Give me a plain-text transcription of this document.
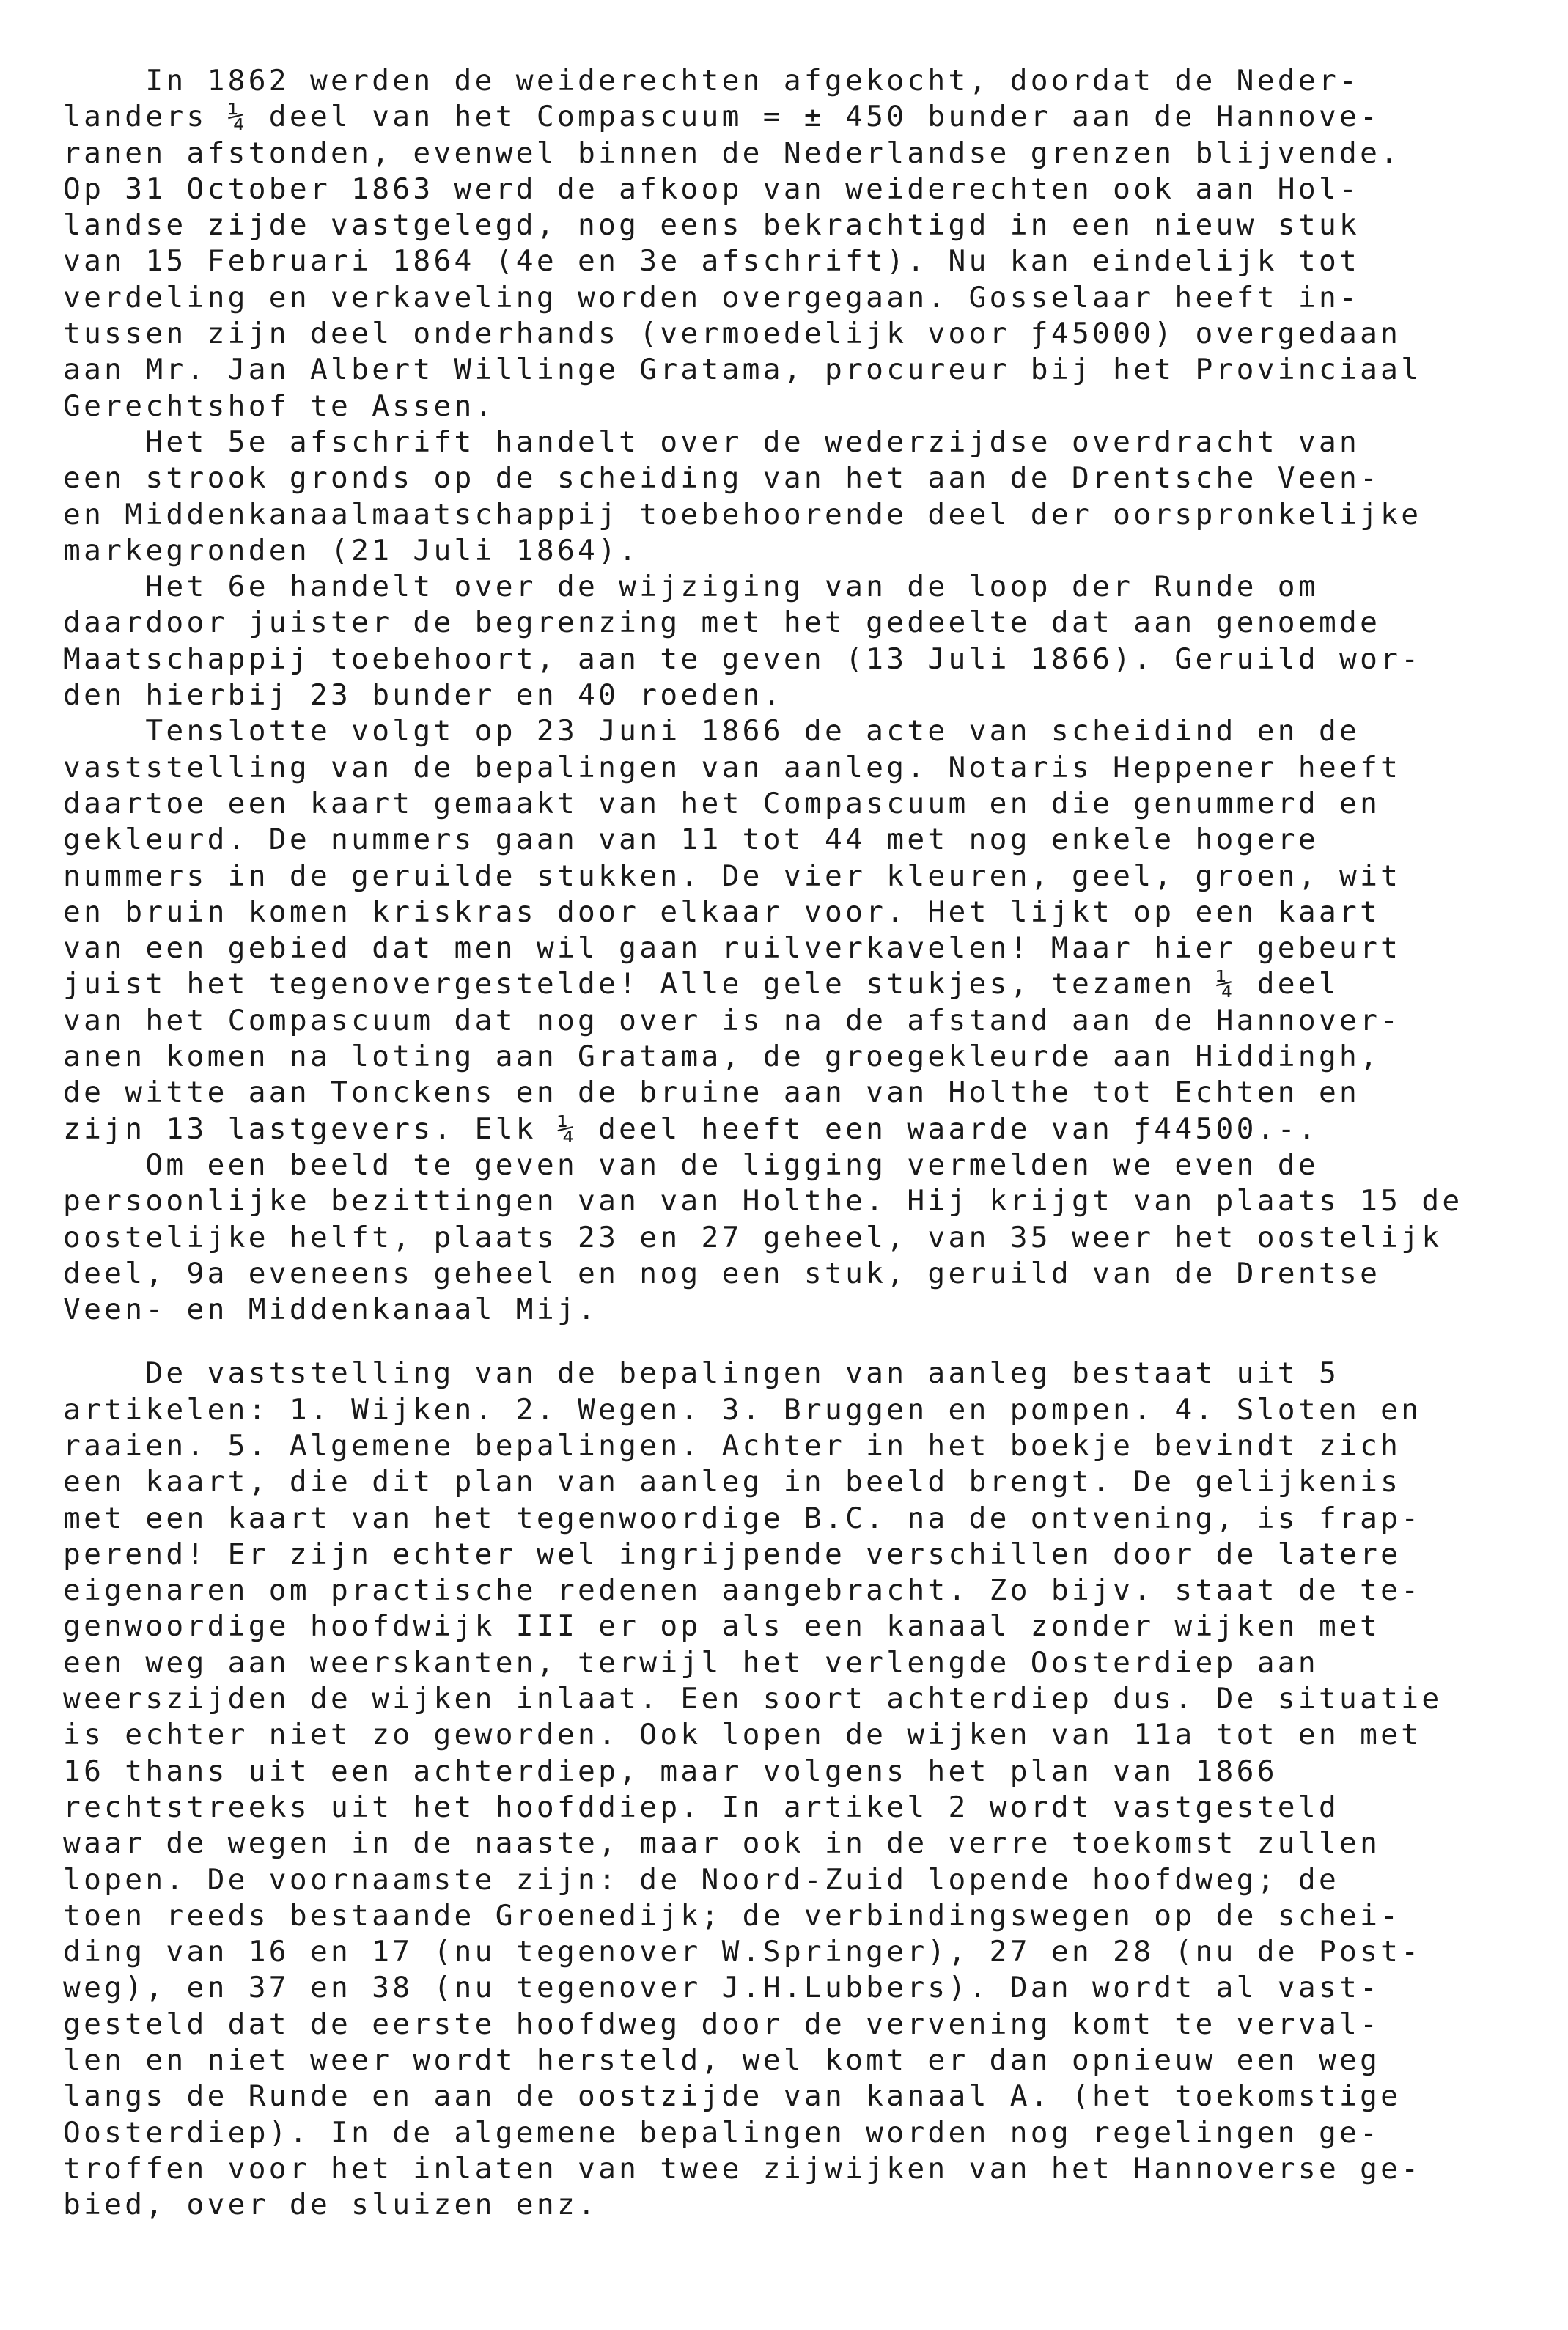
In 1862 werden de weiderechten afgekocht, doordat de Neder-
landers ¼ deel van het Compascuum = ± 450 bunder aan de Hannove-
ranen afstonden, evenwel binnen de Nederlandse grenzen blijvende.
Op 31 October 1863 werd de afkoop van weiderechten ook aan Hol-
landse zijde vastgelegd, nog eens bekrachtigd in een nieuw stuk
van 15 Februari 1864 (4e en 3e afschrift). Nu kan eindelijk tot
verdeling en verkaveling worden overgegaan. Gosselaar heeft in-
tussen zijn deel onderhands (vermoedelijk voor ƒ45000) overgedaan
aan Mr. Jan Albert Willinge Gratama, procureur bij het Provinciaal
Gerechtshof te Assen.
Het 5e afschrift handelt over de wederzijdse overdracht van
een strook gronds op de scheiding van het aan de Drentsche Veen-
en Middenkanaalmaatschappij toebehoorende deel der oorspronkelijke
markegronden (21 Juli 1864).
Het 6e handelt over de wijziging van de loop der Runde om
daardoor juister de begrenzing met het gedeelte dat aan genoemde
Maatschappij toebehoort, aan te geven (13 Juli 1866). Geruild wor-
den hierbij 23 bunder en 40 roeden.
Tenslotte volgt op 23 Juni 1866 de acte van scheidind en de
vaststelling van de bepalingen van aanleg. Notaris Heppener heeft
daartoe een kaart gemaakt van het Compascuum en die genummerd en
gekleurd. De nummers gaan van 11 tot 44 met nog enkele hogere
nummers in de geruilde stukken. De vier kleuren, geel, groen, wit
en bruin komen kriskras door elkaar voor. Het lijkt op een kaart
van een gebied dat men wil gaan ruilverkavelen! Maar hier gebeurt
juist het tegenovergestelde! Alle gele stukjes, tezamen ¼ deel
van het Compascuum dat nog over is na de afstand aan de Hannover-
anen komen na loting aan Gratama, de groegekleurde aan Hiddingh,
de witte aan Tonckens en de bruine aan van Holthe tot Echten en
zijn 13 lastgevers. Elk ¼ deel heeft een waarde van ƒ44500.-.
Om een beeld te geven van de ligging vermelden we even de
persoonlijke bezittingen van van Holthe. Hij krijgt van plaats 15 de
oostelijke helft, plaats 23 en 27 geheel, van 35 weer het oostelijk
deel, 9a eveneens geheel en nog een stuk, geruild van de Drentse
Veen- en Middenkanaal Mij.
De vaststelling van de bepalingen van aanleg bestaat uit 5
artikelen: 1. Wijken. 2. Wegen. 3. Bruggen en pompen. 4. Sloten en
raaien. 5. Algemene bepalingen. Achter in het boekje bevindt zich
een kaart, die dit plan van aanleg in beeld brengt. De gelijkenis
met een kaart van het tegenwoordige B.C. na de ontvening, is frap-
perend! Er zijn echter wel ingrijpende verschillen door de latere
eigenaren om practische redenen aangebracht. Zo bijv. staat de te-
genwoordige hoofdwijk III er op als een kanaal zonder wijken met
een weg aan weerskanten, terwijl het verlengde Oosterdiep aan
weerszijden de wijken inlaat. Een soort achterdiep dus. De situatie
is echter niet zo geworden. Ook lopen de wijken van 11a tot en met
16 thans uit een achterdiep, maar volgens het plan van 1866
rechtstreeks uit het hoofddiep. In artikel 2 wordt vastgesteld
waar de wegen in de naaste, maar ook in de verre toekomst zullen
lopen. De voornaamste zijn: de Noord-Zuid lopende hoofdweg; de
toen reeds bestaande Groenedijk; de verbindingswegen op de schei-
ding van 16 en 17 (nu tegenover W.Springer), 27 en 28 (nu de Post-
weg), en 37 en 38 (nu tegenover J.H.Lubbers). Dan wordt al vast-
gesteld dat de eerste hoofdweg door de vervening komt te verval-
len en niet weer wordt hersteld, wel komt er dan opnieuw een weg
langs de Runde en aan de oostzijde van kanaal A. (het toekomstige
Oosterdiep). In de algemene bepalingen worden nog regelingen ge-
troffen voor het inlaten van twee zijwijken van het Hannoverse ge-
bied, over de sluizen enz.
